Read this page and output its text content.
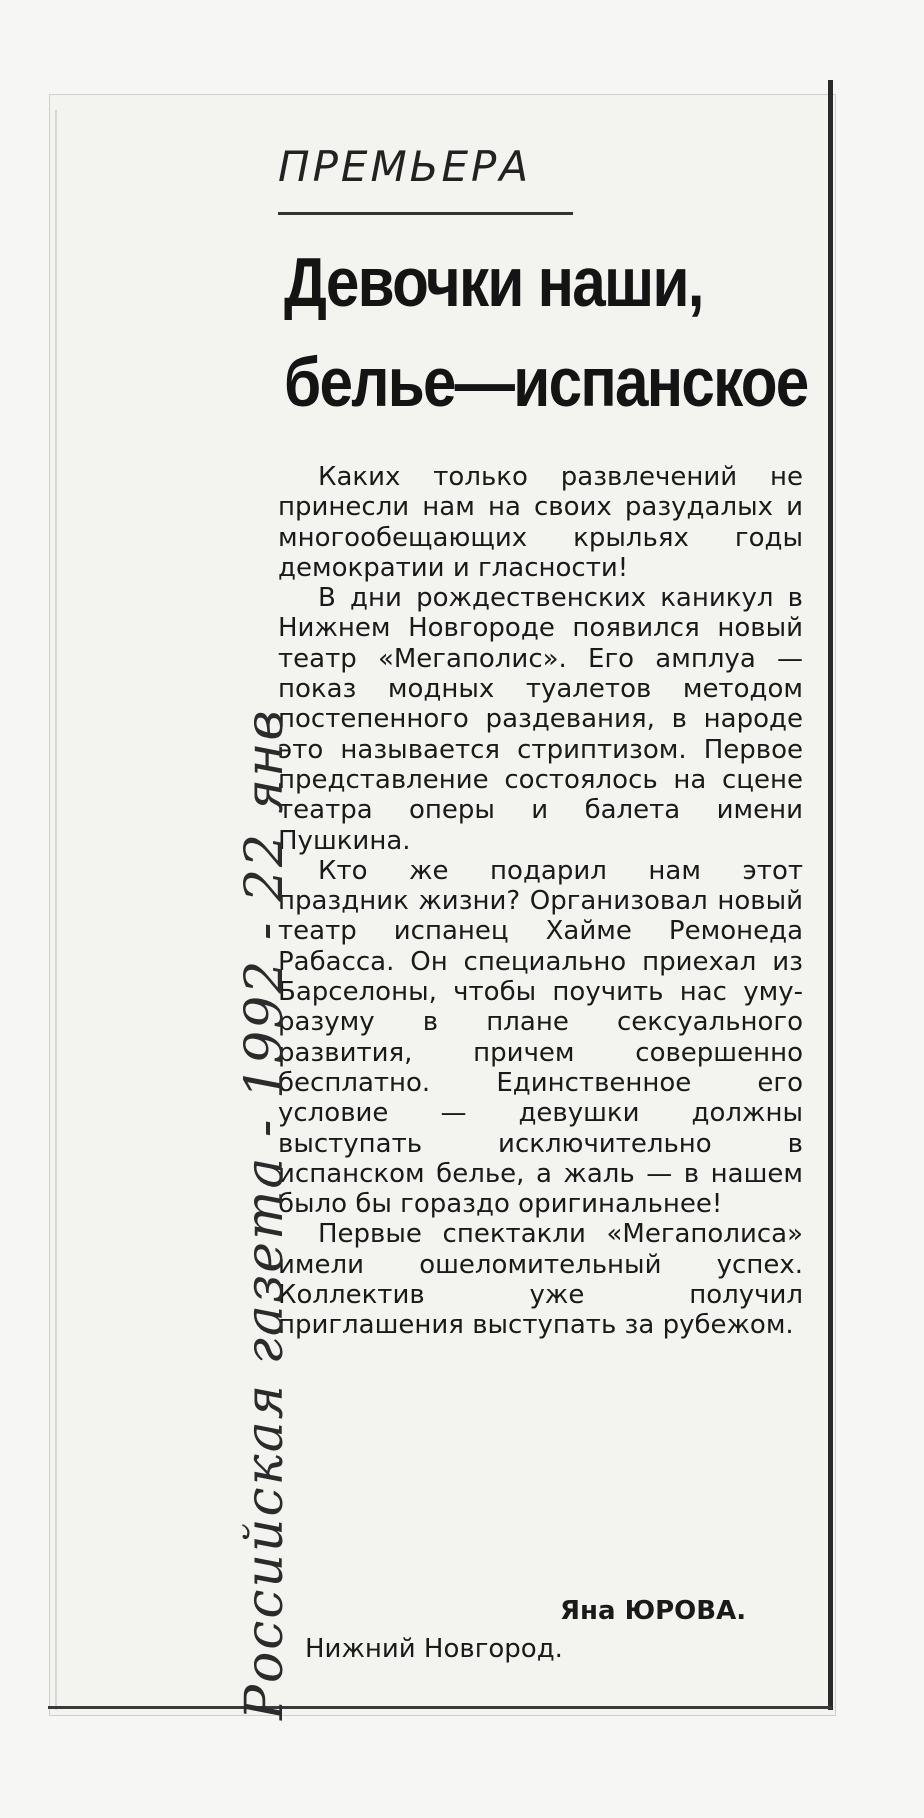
ПРЕМЬЕРА
Девочки наши,
белье—испанское

Каких только развлечений не принесли нам на своих разудалых и многообещающих крыльях годы демократии и гласности!

В дни рождественских каникул в Нижнем Новгороде появился новый театр «Мегаполис». Его амплуа — показ модных туалетов методом постепенного раздевания, в народе это называется стриптизом. Первое представление состоялось на сцене театра оперы и балета имени Пушкина.

Кто же подарил нам этот праздник жизни? Организовал новый театр испанец Хайме Ремонеда Рабасса. Он специально приехал из Барселоны, чтобы поучить нас уму-разуму в плане сексуального развития, причем совершенно бесплатно. Единственное его условие — девушки должны выступать исключительно в испанском белье, а жаль — в нашем было бы гораздо оригинальнее!

Первые спектакли «Мегаполиса» имели ошеломительный успех. Коллектив уже получил приглашения выступать за рубежом.

Яна ЮРОВА.
Нижний Новгород.
Российская газета - 1992 - 22 янв
